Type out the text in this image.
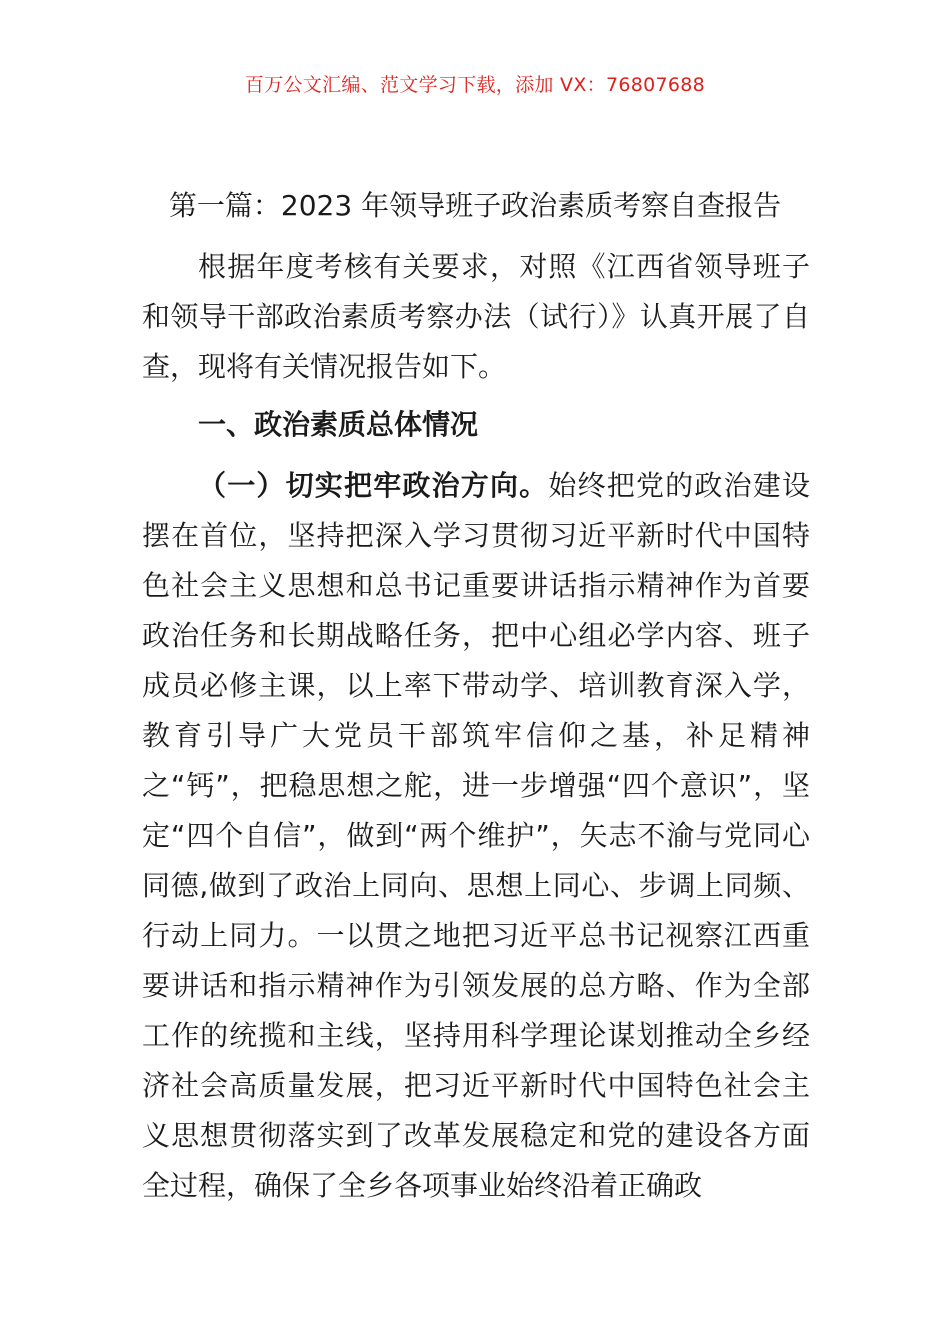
百万公文汇编、范文学习下载，添加 VX：76807688
第一篇：2023 年领导班子政治素质考察自查报告

根据年度考核有关要求，对照《江西省领导班子和领导干部政治素质考察办法（试行）》认真开展了自查，现将有关情况报告如下。

一、政治素质总体情况

（一）切实把牢政治方向。始终把党的政治建设摆在首位，坚持把深入学习贯彻习近平新时代中国特色社会主义思想和总书记重要讲话指示精神作为首要政治任务和长期战略任务，把中心组必学内容、班子成员必修主课，以上率下带动学、培训教育深入学，教育引导广大党员干部筑牢信仰之基，补足精神之“钙”，把稳思想之舵，进一步增强“四个意识”，坚定“四个自信”，做到“两个维护”，矢志不渝与党同心同德,做到了政治上同向、思想上同心、步调上同频、行动上同力。一以贯之地把习近平总书记视察江西重要讲话和指示精神作为引领发展的总方略、作为全部工作的统揽和主线，坚持用科学理论谋划推动全乡经济社会高质量发展，把习近平新时代中国特色社会主义思想贯彻落实到了改革发展稳定和党的建设各方面全过程，确保了全乡各项事业始终沿着正确政
